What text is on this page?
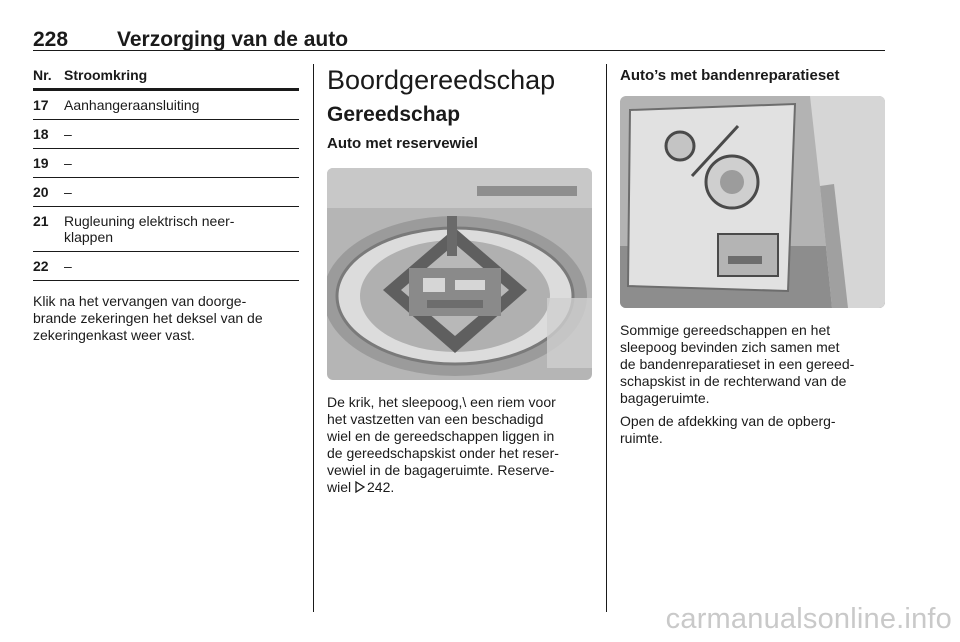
228 Verzorging van de auto
Nr. Stroomkring
17 Aanhangeraansluiting
18 –
19 –
20 –
21 Rugleuning elektrisch neer-
klappen
22 –

Klik na het vervangen van doorge-
brande zekeringen het deksel van de
zekeringenkast weer vast.

Boordgereedschap
Gereedschap
Auto met reservewiel

De krik, het sleepoog,\ een riem voor
het vastzetten van een beschadigd
wiel en de gereedschappen liggen in
de gereedschapskist onder het reser-
vewiel in de bagageruimte. Reserve-
wiel 242.

Auto’s met bandenreparatieset

Sommige gereedschappen en het
sleepoog bevinden zich samen met
de bandenreparatieset in een gereed-
schapskist in de rechterwand van de
bagageruimte.

Open de afdekking van de opberg-
ruimte.

carmanualsonline.info
